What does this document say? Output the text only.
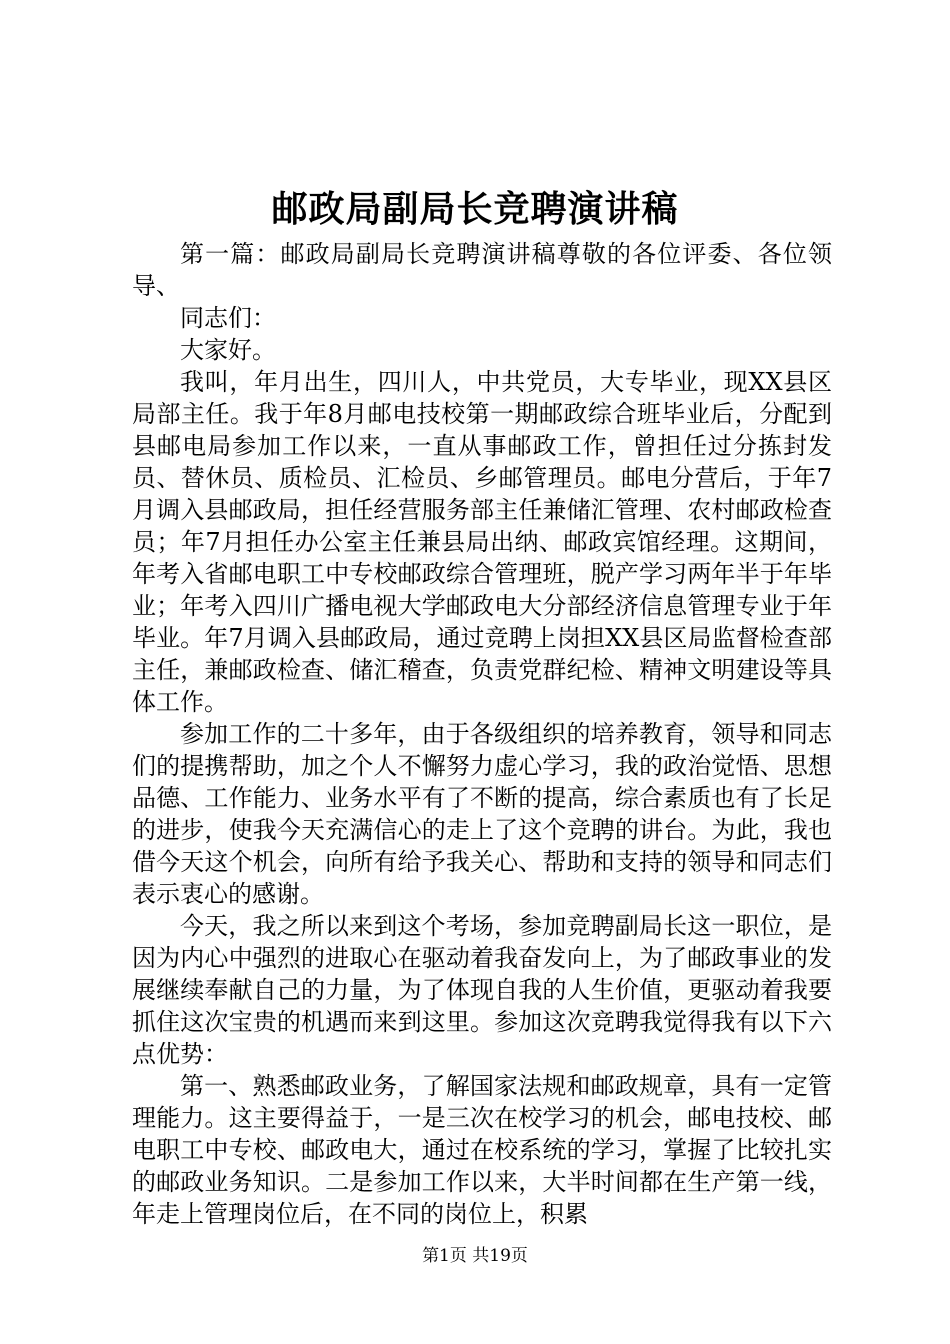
邮政局副局长竞聘演讲稿

第一篇：邮政局副局长竞聘演讲稿尊敬的各位评委、各位领导、

同志们：

大家好。

我叫，年月出生，四川人，中共党员，大专毕业，现XX县区局部主任。我于年8月邮电技校第一期邮政综合班毕业后，分配到县邮电局参加工作以来，一直从事邮政工作，曾担任过分拣封发员、替休员、质检员、汇检员、乡邮管理员。邮电分营后，于年7月调入县邮政局，担任经营服务部主任兼储汇管理、农村邮政检查员；年7月担任办公室主任兼县局出纳、邮政宾馆经理。这期间，年考入省邮电职工中专校邮政综合管理班，脱产学习两年半于年毕业；年考入四川广播电视大学邮政电大分部经济信息管理专业于年毕业。年7月调入县邮政局，通过竞聘上岗担XX县区局监督检查部主任，兼邮政检查、储汇稽查，负责党群纪检、精神文明建设等具体工作。

参加工作的二十多年，由于各级组织的培养教育，领导和同志们的提携帮助，加之个人不懈努力虚心学习，我的政治觉悟、思想品德、工作能力、业务水平有了不断的提高，综合素质也有了长足的进步，使我今天充满信心的走上了这个竞聘的讲台。为此，我也借今天这个机会，向所有给予我关心、帮助和支持的领导和同志们表示衷心的感谢。

今天，我之所以来到这个考场，参加竞聘副局长这一职位，是因为内心中强烈的进取心在驱动着我奋发向上，为了邮政事业的发展继续奉献自己的力量，为了体现自我的人生价值，更驱动着我要抓住这次宝贵的机遇而来到这里。参加这次竞聘我觉得我有以下六点优势：

第一、熟悉邮政业务，了解国家法规和邮政规章，具有一定管理能力。这主要得益于，一是三次在校学习的机会，邮电技校、邮电职工中专校、邮政电大，通过在校系统的学习，掌握了比较扎实的邮政业务知识。二是参加工作以来，大半时间都在生产第一线，年走上管理岗位后，在不同的岗位上，积累

第1页 共19页
